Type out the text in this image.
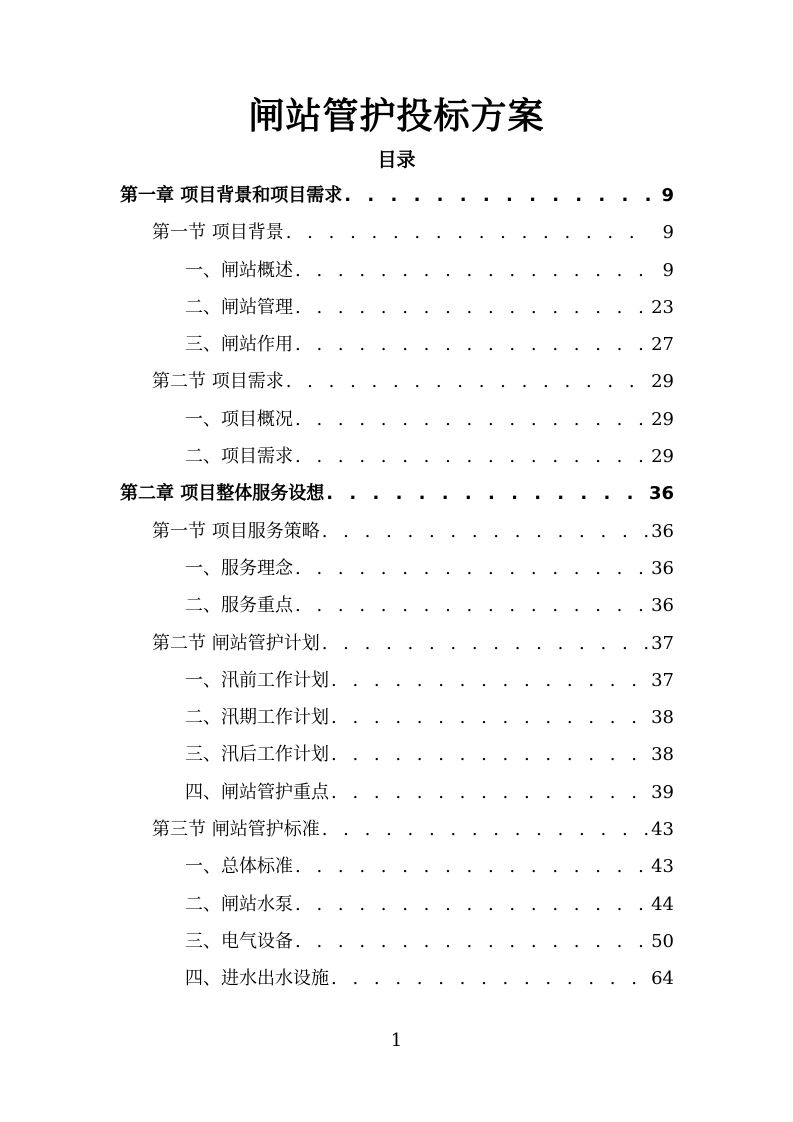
闸站管护投标方案
目录
第一章 项目背景和项目需求 . . .	9
第一节 项目背景 . . .	9
一、闸站概述 . . .	9
二、闸站管理 . . .	23
三、闸站作用 . . .	27
第二节 项目需求 . . .	29
一、项目概况 . . .	29
二、项目需求 . . .	29
第二章 项目整体服务设想 . . .	36
第一节 项目服务策略 . . .	36
一、服务理念 . . .	36
二、服务重点 . . .	36
第二节 闸站管护计划 . . .	37
一、汛前工作计划 . . .	37
二、汛期工作计划 . . .	38
三、汛后工作计划 . . .	38
四、闸站管护重点 . . .	39
第三节 闸站管护标准 . . .	43
一、总体标准 . . .	43
二、闸站水泵 . . .	44
三、电气设备 . . .	50
四、进水出水设施 . . .	64
1
